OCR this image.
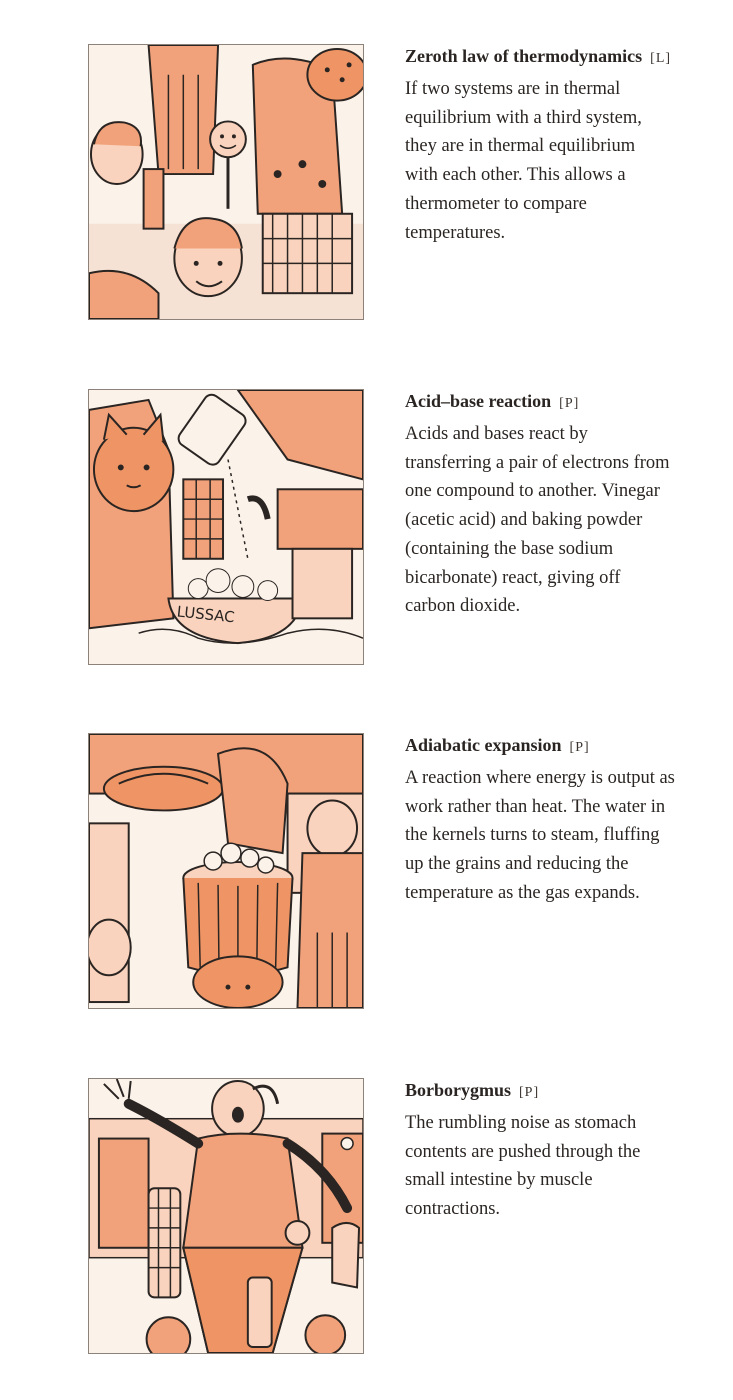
Zeroth law of thermodynamics [L]

If two systems are in thermal
equilibrium with a third system,
they are in thermal equilibrium
with each other. This allows a
thermometer to compare
temperatures.

LUSSAC
Acid–base reaction [P]

Acids and bases react by
transferring a pair of electrons from
one compound to another. Vinegar
(acetic acid) and baking powder
(containing the base sodium
bicarbonate) react, giving off
carbon dioxide.

Adiabatic expansion [P]

A reaction where energy is output as
work rather than heat. The water in
the kernels turns to steam, fluffing
up the grains and reducing the
temperature as the gas expands.

Borborygmus [P]

The rumbling noise as stomach
contents are pushed through the
small intestine by muscle
contractions.
